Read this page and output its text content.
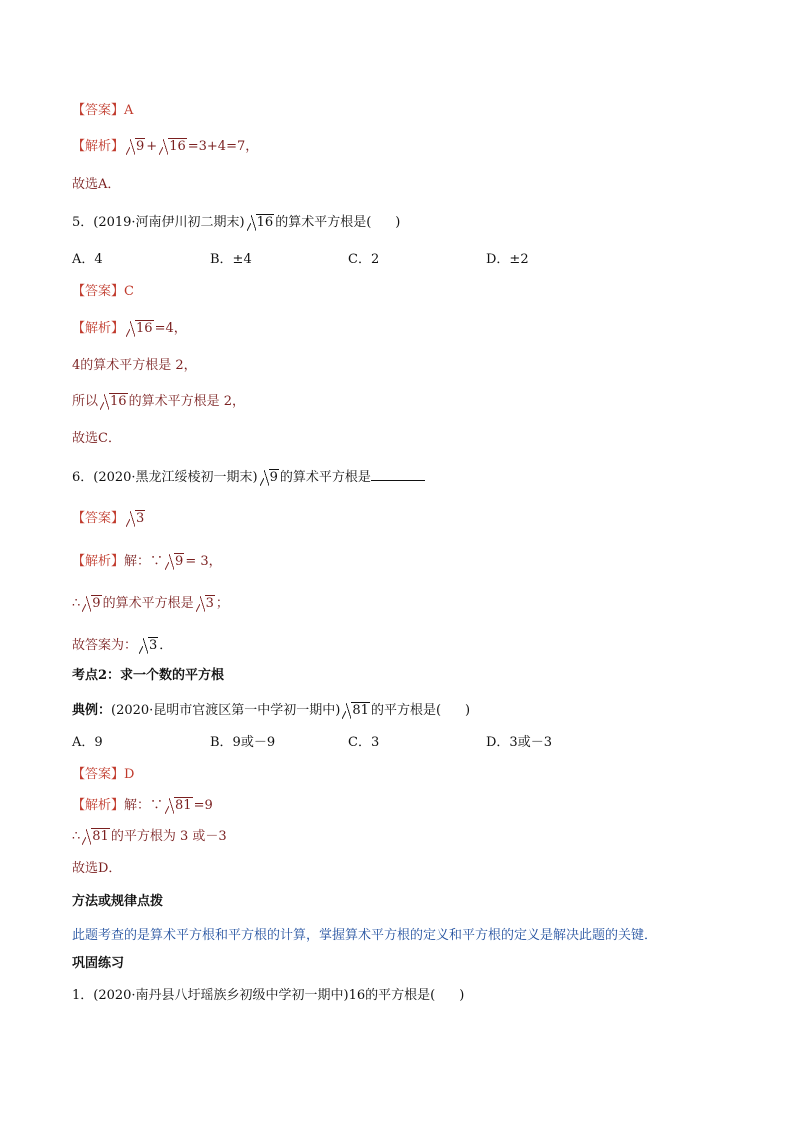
【答案】A
【解析】 9 + 16 =3+4=7，
故选A．
5．(2019·河南伊川初二期末) 16 的算术平方根是( )
A．4	B．±4	C．2	D．±2
【答案】C
【解析】 16 =4，
4的算术平方根是 2，
所以 16 的算术平方根是 2，
故选C．
6．(2020·黑龙江绥棱初一期末) 9 的算术平方根是
【答案】 3
【解析】解：∵ 9 = 3，
∴ 9 的算术平方根是 3 ；
故答案为： 3 ．
考点2：求一个数的平方根
典例：(2020·昆明市官渡区第一中学初一期中) 81 的平方根是( )
A．9	B．9或－9	C．3	D．3或－3
【答案】D
【解析】解：∵ 81 =9
∴ 81 的平方根为 3 或－3
故选D．
方法或规律点拨
此题考查的是算术平方根和平方根的计算，掌握算术平方根的定义和平方根的定义是解决此题的关键．
巩固练习
1．(2020·南丹县八圩瑶族乡初级中学初一期中)16的平方根是( )
